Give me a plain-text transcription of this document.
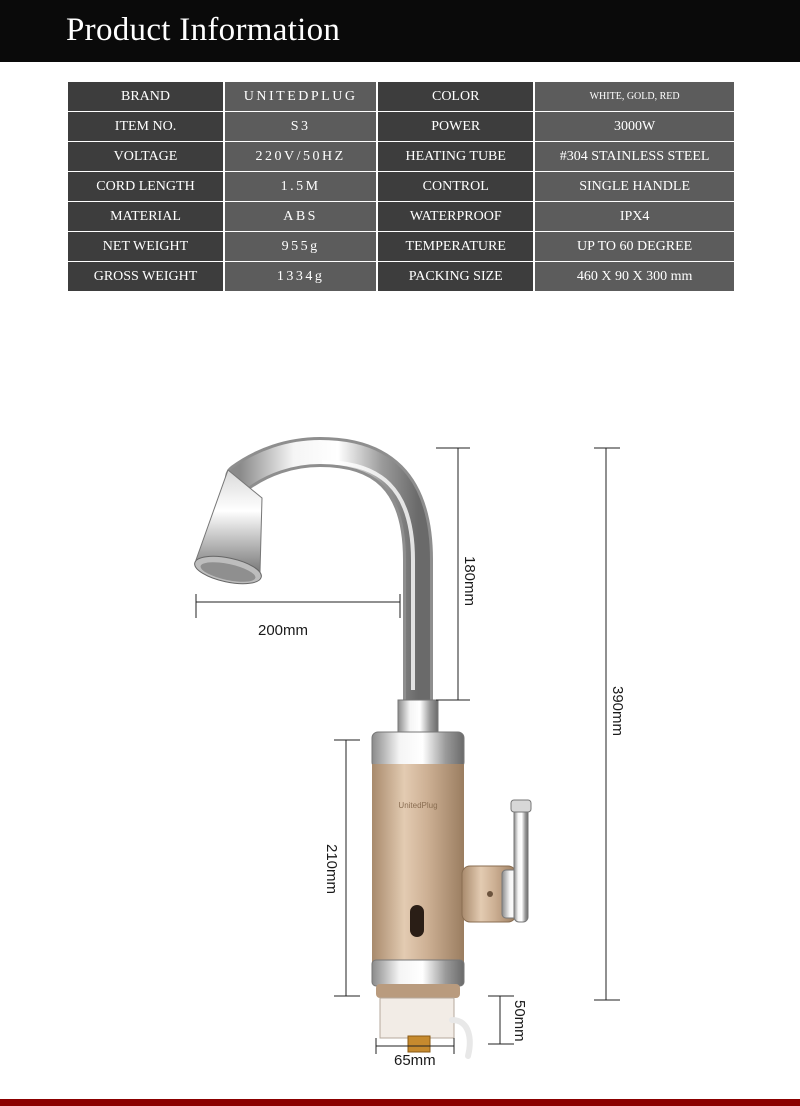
Product Information
BRAND	UNITEDPLUG	COLOR	WHITE, GOLD, RED
ITEM NO.	S3	POWER	3000W
VOLTAGE	220V/50HZ	HEATING TUBE	#304 STAINLESS STEEL
CORD LENGTH	1.5M	CONTROL	SINGLE HANDLE
MATERIAL	ABS	WATERPROOF	IPX4
NET WEIGHT	955g	TEMPERATURE	UP TO 60 DEGREE
GROSS WEIGHT	1334g	PACKING SIZE	460 X 90 X 300 mm
UnitedPlug
200mm
180mm
390mm
210mm
50mm
65mm
